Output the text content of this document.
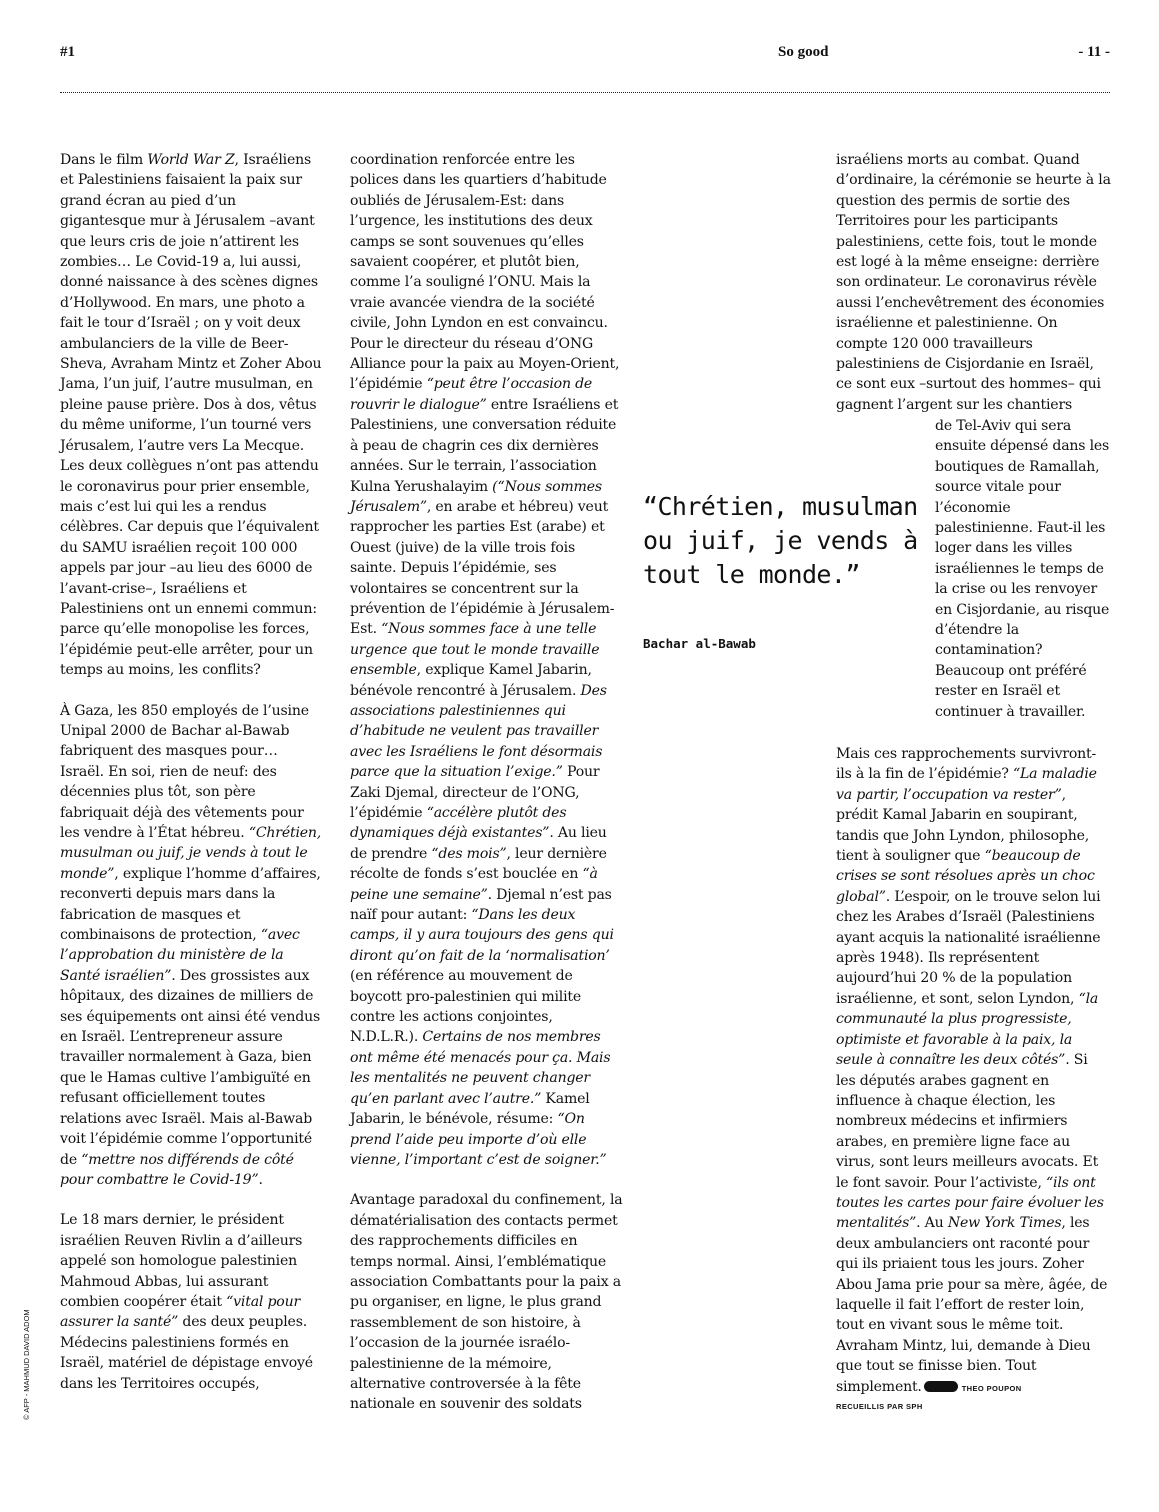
#1	So good	- 11 -

Dans le film World War Z, Israéliens et Palestiniens faisaient la paix sur grand écran au pied d’un gigantesque mur à Jérusalem –avant que leurs cris de joie n’attirent les zombies… Le Covid-19 a, lui aussi, donné naissance à des scènes dignes d’Hollywood. En mars, une photo a fait le tour d’Israël ; on y voit deux ambulanciers de la ville de Beer-Sheva, Avraham Mintz et Zoher Abou Jama, l’un juif, l’autre musulman, en pleine pause prière. Dos à dos, vêtus du même uniforme, l’un tourné vers Jérusalem, l’autre vers La Mecque. Les deux collègues n’ont pas attendu le coronavirus pour prier ensemble, mais c’est lui qui les a rendus célèbres. Car depuis que l’équivalent du SAMU israélien reçoit 100 000 appels par jour –au lieu des 6000 de l’avant-crise–, Israéliens et Palestiniens ont un ennemi commun: parce qu’elle monopolise les forces, l’épidémie peut-elle arrêter, pour un temps au moins, les conflits?

À Gaza, les 850 employés de l’usine Unipal 2000 de Bachar al-Bawab fabriquent des masques pour… Israël. En soi, rien de neuf: des décennies plus tôt, son père fabriquait déjà des vêtements pour les vendre à l’État hébreu. “Chrétien, musulman ou juif, je vends à tout le monde”, explique l’homme d’affaires, reconverti depuis mars dans la fabrication de masques et combinaisons de protection, “avec l’approbation du ministère de la Santé israélien”. Des grossistes aux hôpitaux, des dizaines de milliers de ses équipements ont ainsi été vendus en Israël. L’entrepreneur assure travailler normalement à Gaza, bien que le Hamas cultive l’ambiguïté en refusant officiellement toutes relations avec Israël. Mais al-Bawab voit l’épidémie comme l’opportunité de “mettre nos différends de côté pour combattre le Covid-19”.

Le 18 mars dernier, le président israélien Reuven Rivlin a d’ailleurs appelé son homologue palestinien Mahmoud Abbas, lui assurant combien coopérer était “vital pour assurer la santé” des deux peuples. Médecins palestiniens formés en Israël, matériel de dépistage envoyé dans les Territoires occupés,

coordination renforcée entre les polices dans les quartiers d’habitude oubliés de Jérusalem-Est: dans l’urgence, les institutions des deux camps se sont souvenues qu’elles savaient coopérer, et plutôt bien, comme l’a souligné l’ONU. Mais la vraie avancée viendra de la société civile, John Lyndon en est convaincu. Pour le directeur du réseau d’ONG Alliance pour la paix au Moyen-Orient, l’épidémie “peut être l’occasion de rouvrir le dialogue” entre Israéliens et Palestiniens, une conversation réduite à peau de chagrin ces dix dernières années. Sur le terrain, l’association Kulna Yerushalayim (“Nous sommes Jérusalem”, en arabe et hébreu) veut rapprocher les parties Est (arabe) et Ouest (juive) de la ville trois fois sainte. Depuis l’épidémie, ses volontaires se concentrent sur la prévention de l’épidémie à Jérusalem-Est. “Nous sommes face à une telle urgence que tout le monde travaille ensemble, explique Kamel Jabarin, bénévole rencontré à Jérusalem. Des associations palestiniennes qui d’habitude ne veulent pas travailler avec les Israéliens le font désormais parce que la situation l’exige.” Pour Zaki Djemal, directeur de l’ONG, l’épidémie “accélère plutôt des dynamiques déjà existantes”. Au lieu de prendre “des mois”, leur dernière récolte de fonds s’est bouclée en “à peine une semaine”. Djemal n’est pas naïf pour autant: “Dans les deux camps, il y aura toujours des gens qui diront qu’on fait de la ‘normalisation’ (en référence au mouvement de boycott pro-palestinien qui milite contre les actions conjointes, N.D.L.R.). Certains de nos membres ont même été menacés pour ça. Mais les mentalités ne peuvent changer qu’en parlant avec l’autre.” Kamel Jabarin, le bénévole, résume: “On prend l’aide peu importe d’où elle vienne, l’important c’est de soigner.”

Avantage paradoxal du confinement, la dématérialisation des contacts permet des rapprochements difficiles en temps normal. Ainsi, l’emblématique association Combattants pour la paix a pu organiser, en ligne, le plus grand rassemblement de son histoire, à l’occasion de la journée israélo-palestinienne de la mémoire, alternative controversée à la fête nationale en souvenir des soldats

israéliens morts au combat. Quand d’ordinaire, la cérémonie se heurte à la question des permis de sortie des Territoires pour les participants palestiniens, cette fois, tout le monde est logé à la même enseigne: derrière son ordinateur. Le coronavirus révèle aussi l’enchevêtrement des économies israélienne et palestinienne. On compte 120 000 travailleurs palestiniens de Cisjordanie en Israël, ce sont eux –surtout des hommes– qui gagnent l’argent sur les chantiers

“Chrétien, musulman ou juif, je vends à tout le monde.”
Bachar al-Bawab

de Tel-Aviv qui sera ensuite dépensé dans les boutiques de Ramallah, source vitale pour l’économie palestinienne. Faut-il les loger dans les villes israéliennes le temps de la crise ou les renvoyer en Cisjordanie, au risque d’étendre la contamination? Beaucoup ont préféré rester en Israël et continuer à travailler.

Mais ces rapprochements survivront-ils à la fin de l’épidémie? “La maladie va partir, l’occupation va rester”, prédit Kamal Jabarin en soupirant, tandis que John Lyndon, philosophe, tient à souligner que “beaucoup de crises se sont résolues après un choc global”. L’espoir, on le trouve selon lui chez les Arabes d’Israël (Palestiniens ayant acquis la nationalité israélienne après 1948). Ils représentent aujourd’hui 20 % de la population israélienne, et sont, selon Lyndon, “la communauté la plus progressiste, optimiste et favorable à la paix, la seule à connaître les deux côtés”. Si les députés arabes gagnent en influence à chaque élection, les nombreux médecins et infirmiers arabes, en première ligne face au virus, sont leurs meilleurs avocats. Et le font savoir. Pour l’activiste, “ils ont toutes les cartes pour faire évoluer les mentalités”. Au New York Times, les deux ambulanciers ont raconté pour qui ils priaient tous les jours. Zoher Abou Jama prie pour sa mère, âgée, de laquelle il fait l’effort de rester loin, tout en vivant sous le même toit. Avraham Mintz, lui, demande à Dieu que tout se finisse bien. Tout simplement.	THEO POUPON
RECUEILLIS PAR SPH

© AFP - MAHMUD DAVID ADOM
